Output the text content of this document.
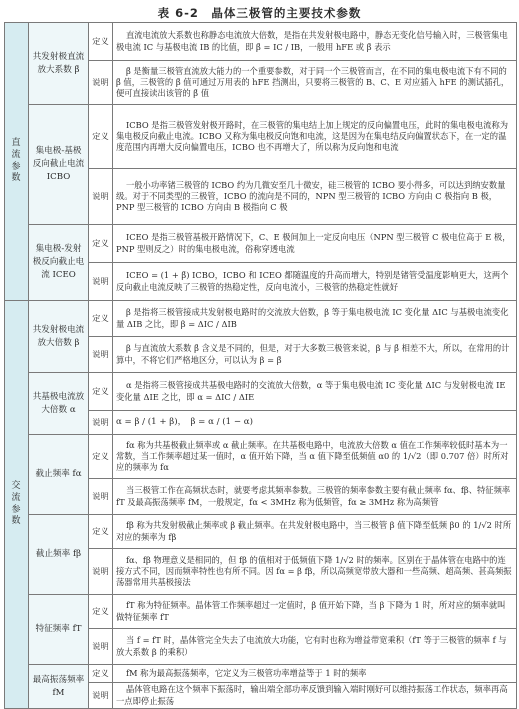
表 6-2　晶体三极管的主要技术参数
直流参数	共发射极直流放大系数 β̄	定义	直流电流放大系数也称静态电流放大倍数，是指在共发射极电路中，静态无变化信号输入时，三极管集电极电流 IC 与基极电流 IB 的比值，即 β̄ = IC / IB，一般用 hFE 或 β̄ 表示
		说明	β̄ 是衡量三极管直流放大能力的一个重要参数，对于同一个三极管而言，在不同的集电极电流下有不同的 β̄ 值，三极管的 β̄ 值可通过万用表的 hFE 挡测出，只要将三极管的 B、C、E 对应插入 hFE 的测试插孔，便可直接读出该管的 β̄ 值
	集电极-基极反向截止电流 ICBO	定义	ICBO 是指三极管发射极开路时，在三极管的集电结上加上规定的反向偏置电压，此时的集电极电流称为集电极反向截止电流。ICBO 又称为集电极反向饱和电流，这是因为在集电结反向偏置状态下，在一定的温度范围内再增大反向偏置电压，ICBO 也不再增大了，所以称为反向饱和电流
		说明	一般小功率锗三极管的 ICBO 约为几微安至几十微安，硅三极管的 ICBO 要小得多，可以达到纳安数量级。对于不同类型的三极管，ICBO 的流向是不同的，NPN 型三极管的 ICBO 方向由 C 极指向 B 极，PNP 型三极管的 ICBO 方向由 B 极指向 C 极
	集电极-发射极反向截止电流 ICEO	定义	ICEO 是指三极管基极开路情况下，C、E 极间加上一定反向电压（NPN 型三极管 C 极电位高于 E 极，PNP 型则反之）时的集电极电流，俗称穿透电流
		说明	ICEO = (1 + β̄) ICBO，ICBO 和 ICEO 都随温度的升高而增大，特别是锗管受温度影响更大，这两个反向截止电流反映了三极管的热稳定性，反向电流小，三极管的热稳定性就好
交流参数	共发射极电流放大倍数 β	定义	β 是指将三极管接成共发射极电路时的交流放大倍数，β 等于集电极电流 IC 变化量 ΔIC 与基极电流变化量 ΔIB 之比，即 β = ΔIC / ΔIB
		说明	β 与直流放大系数 β̄ 含义是不同的，但是，对于大多数三极管来说，β 与 β̄ 相差不大，所以，在常用的计算中，不将它们严格地区分，可以认为 β = β̄
	共基极电流放大倍数 α	定义	α 是指将三极管接成共基极电路时的交流放大倍数，α 等于集电极电流 IC 变化量 ΔIC 与发射极电流 IE 变化量 ΔIE 之比，即 α = ΔIC / ΔIE
		说明	α = β / (1 + β)，　β = α / (1 − α)
	截止频率 fα	定义	fα 称为共基极截止频率或 α 截止频率。在共基极电路中，电流放大倍数 α 值在工作频率较低时基本为一常数，当工作频率超过某一值时，α 值开始下降，当 α 值下降至低频值 α0 的 1/√2（即 0.707 倍）时所对应的频率为 fα
		说明	当三极管工作在高频状态时，就要考虑其频率参数。三极管的频率参数主要有截止频率 fα、fβ、特征频率 fT 及最高振荡频率 fM，一般规定，fα < 3MHz 称为低频管，fα ≥ 3MHz 称为高频管
	截止频率 fβ	定义	fβ 称为共发射极截止频率或 β 截止频率。在共发射极电路中，当三极管 β 值下降至低频 β0 的 1/√2 时所对应的频率为 fβ
		说明	fα、fβ 物理意义是相同的，但 fβ 的值相对于低频值下降 1/√2 时的频率。区别在于晶体管在电路中的连接方式不同，因而频率特性也有所不同。因 fα = β fβ，所以高频宽带放大器和一些高频、超高频、甚高频振荡器常用共基极接法
	特征频率 fT	定义	fT 称为特征频率。晶体管工作频率超过一定值时，β 值开始下降，当 β 下降为 1 时，所对应的频率就叫做特征频率 fT
		说明	当 f = fT 时，晶体管完全失去了电流放大功能，它有时也称为增益带宽乘积（fT 等于三极管的频率 f 与放大系数 β 的乘积）
	最高振荡频率 fM	定义	fM 称为最高振荡频率，它定义为三极管功率增益等于 1 时的频率
		说明	晶体管电路在这个频率下振荡时，输出端全部功率反馈到输入端时刚好可以维持振荡工作状态，频率再高一点即停止振荡
